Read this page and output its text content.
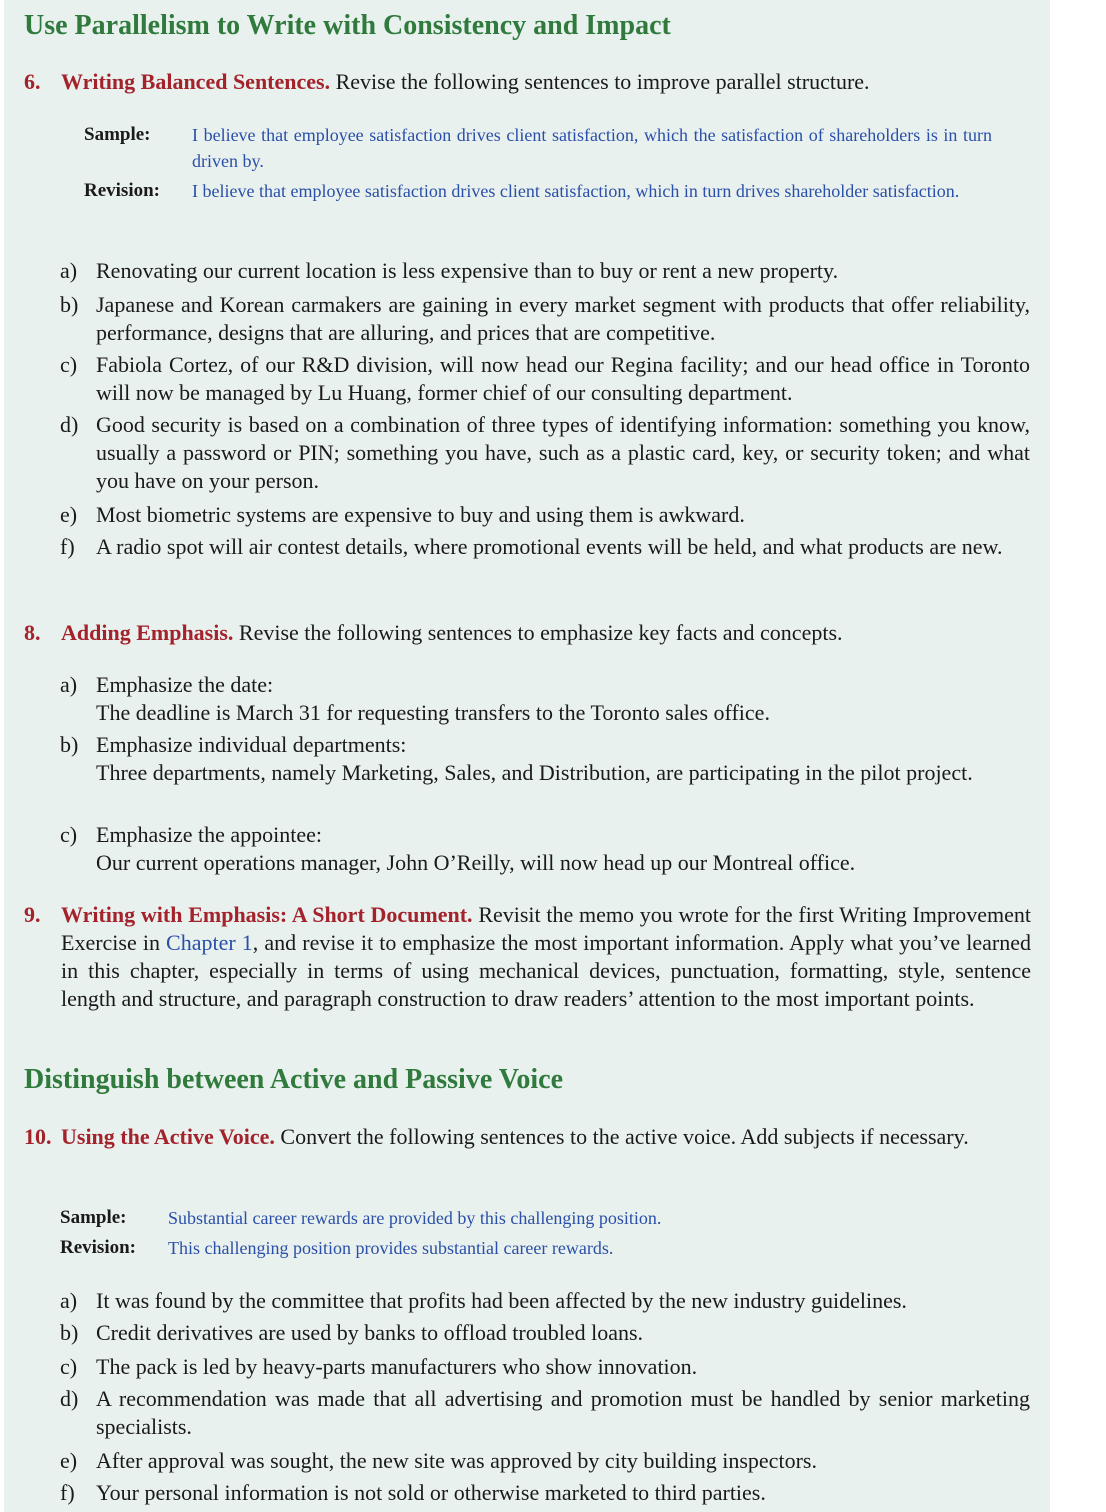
Use Parallelism to Write with Consistency and Impact
6. Writing Balanced Sentences. Revise the following sentences to improve parallel structure.
Sample: I believe that employee satisfaction drives client satisfaction, which the satisfaction of shareholders is in turn driven by.
Revision: I believe that employee satisfaction drives client satisfaction, which in turn drives shareholder satisfaction.
a) Renovating our current location is less expensive than to buy or rent a new property.
b) Japanese and Korean carmakers are gaining in every market segment with products that offer reliability, performance, designs that are alluring, and prices that are competitive.
c) Fabiola Cortez, of our R&D division, will now head our Regina facility; and our head office in Toronto will now be managed by Lu Huang, former chief of our consulting department.
d) Good security is based on a combination of three types of identifying information: something you know, usually a password or PIN; something you have, such as a plastic card, key, or security token; and what you have on your person.
e) Most biometric systems are expensive to buy and using them is awkward.
f) A radio spot will air contest details, where promotional events will be held, and what products are new.
8. Adding Emphasis. Revise the following sentences to emphasize key facts and concepts.
a) Emphasize the date:
The deadline is March 31 for requesting transfers to the Toronto sales office.
b) Emphasize individual departments:
Three departments, namely Marketing, Sales, and Distribution, are participating in the pilot project.
c) Emphasize the appointee:
Our current operations manager, John O’Reilly, will now head up our Montreal office.
9. Writing with Emphasis: A Short Document. Revisit the memo you wrote for the first Writing Improvement Exercise in Chapter 1, and revise it to emphasize the most important information. Apply what you’ve learned in this chapter, especially in terms of using mechanical devices, punctuation, formatting, style, sentence length and structure, and paragraph construction to draw readers’ attention to the most important points.
Distinguish between Active and Passive Voice
10. Using the Active Voice. Convert the following sentences to the active voice. Add subjects if necessary.
Sample: Substantial career rewards are provided by this challenging position.
Revision: This challenging position provides substantial career rewards.
a) It was found by the committee that profits had been affected by the new industry guidelines.
b) Credit derivatives are used by banks to offload troubled loans.
c) The pack is led by heavy-parts manufacturers who show innovation.
d) A recommendation was made that all advertising and promotion must be handled by senior marketing specialists.
e) After approval was sought, the new site was approved by city building inspectors.
f) Your personal information is not sold or otherwise marketed to third parties.
